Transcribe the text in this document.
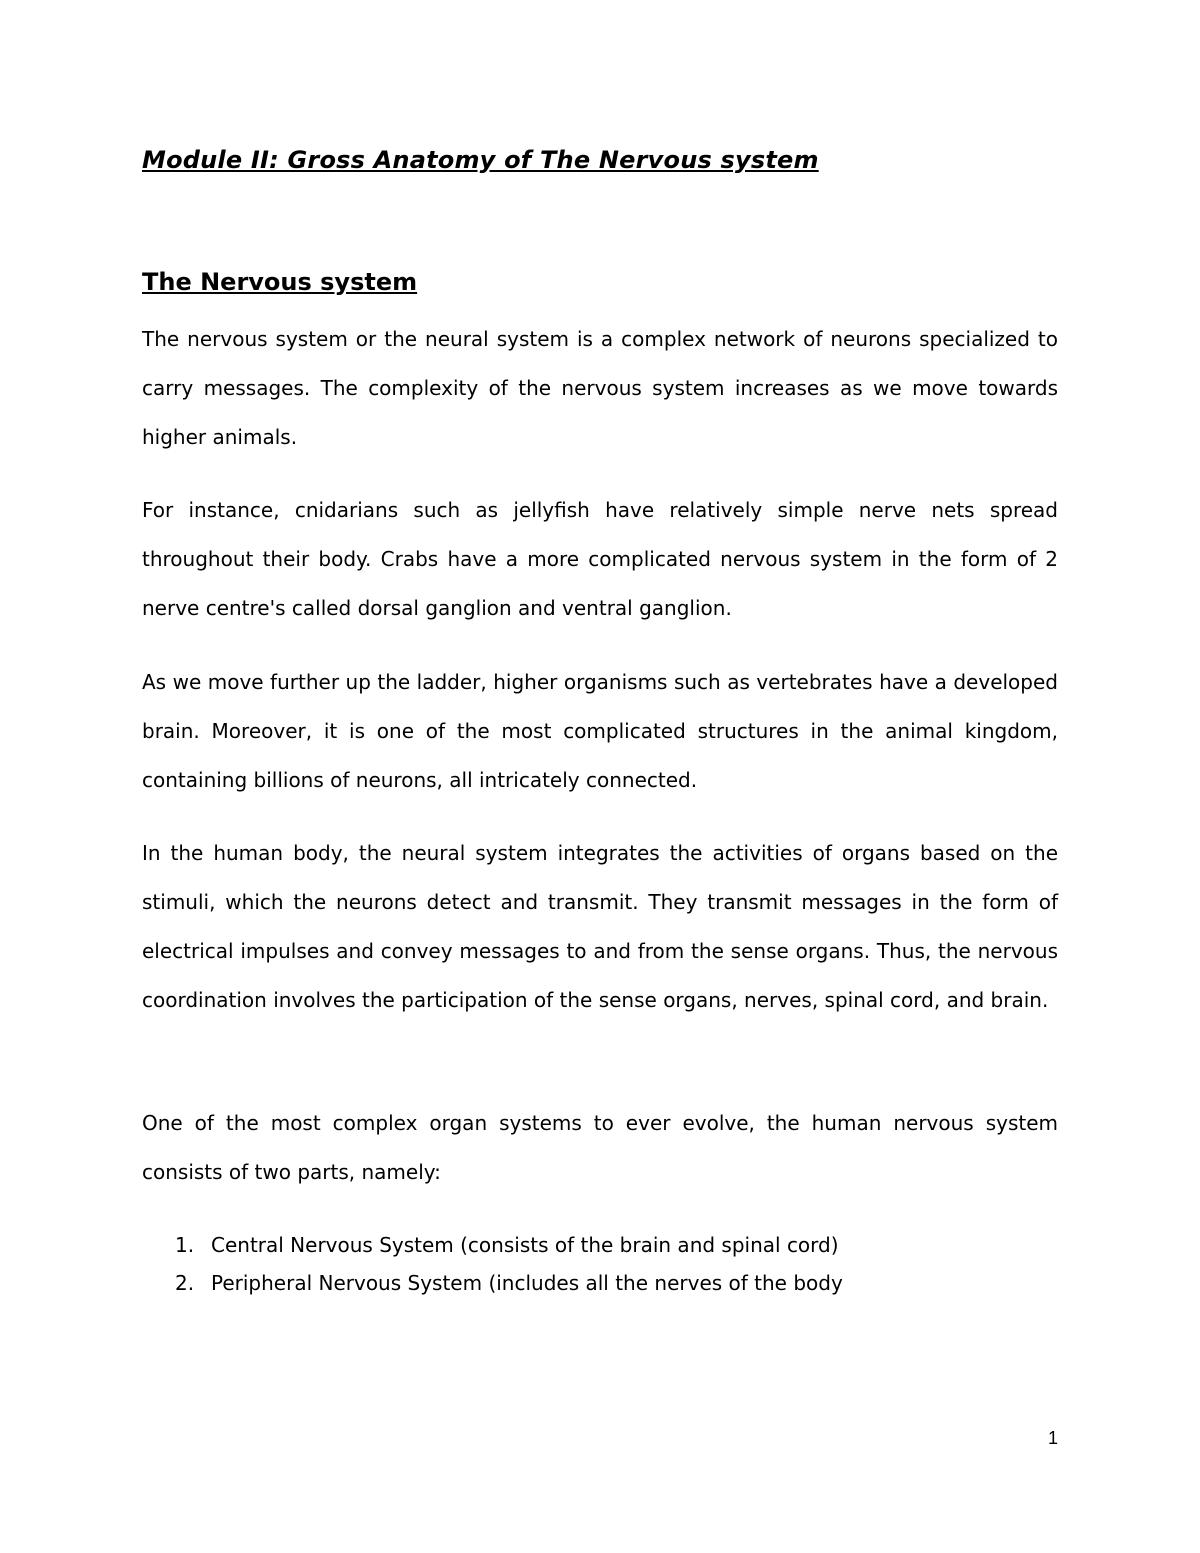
Module II: Gross Anatomy of The Nervous system
The Nervous system

The nervous system or the neural system is a complex network of neurons specialized to carry messages. The complexity of the nervous system increases as we move towards higher animals.

For instance, cnidarians such as jellyfish have relatively simple nerve nets spread throughout their body. Crabs have a more complicated nervous system in the form of 2 nerve centre's called dorsal ganglion and ventral ganglion.

As we move further up the ladder, higher organisms such as vertebrates have a developed brain. Moreover, it is one of the most complicated structures in the animal kingdom, containing billions of neurons, all intricately connected.

In the human body, the neural system integrates the activities of organs based on the stimuli, which the neurons detect and transmit. They transmit messages in the form of electrical impulses and convey messages to and from the sense organs. Thus, the nervous coordination involves the participation of the sense organs, nerves, spinal cord, and brain.

One of the most complex organ systems to ever evolve, the human nervous system consists of two parts, namely:

1. Central Nervous System (consists of the brain and spinal cord)
2. Peripheral Nervous System (includes all the nerves of the body
1
